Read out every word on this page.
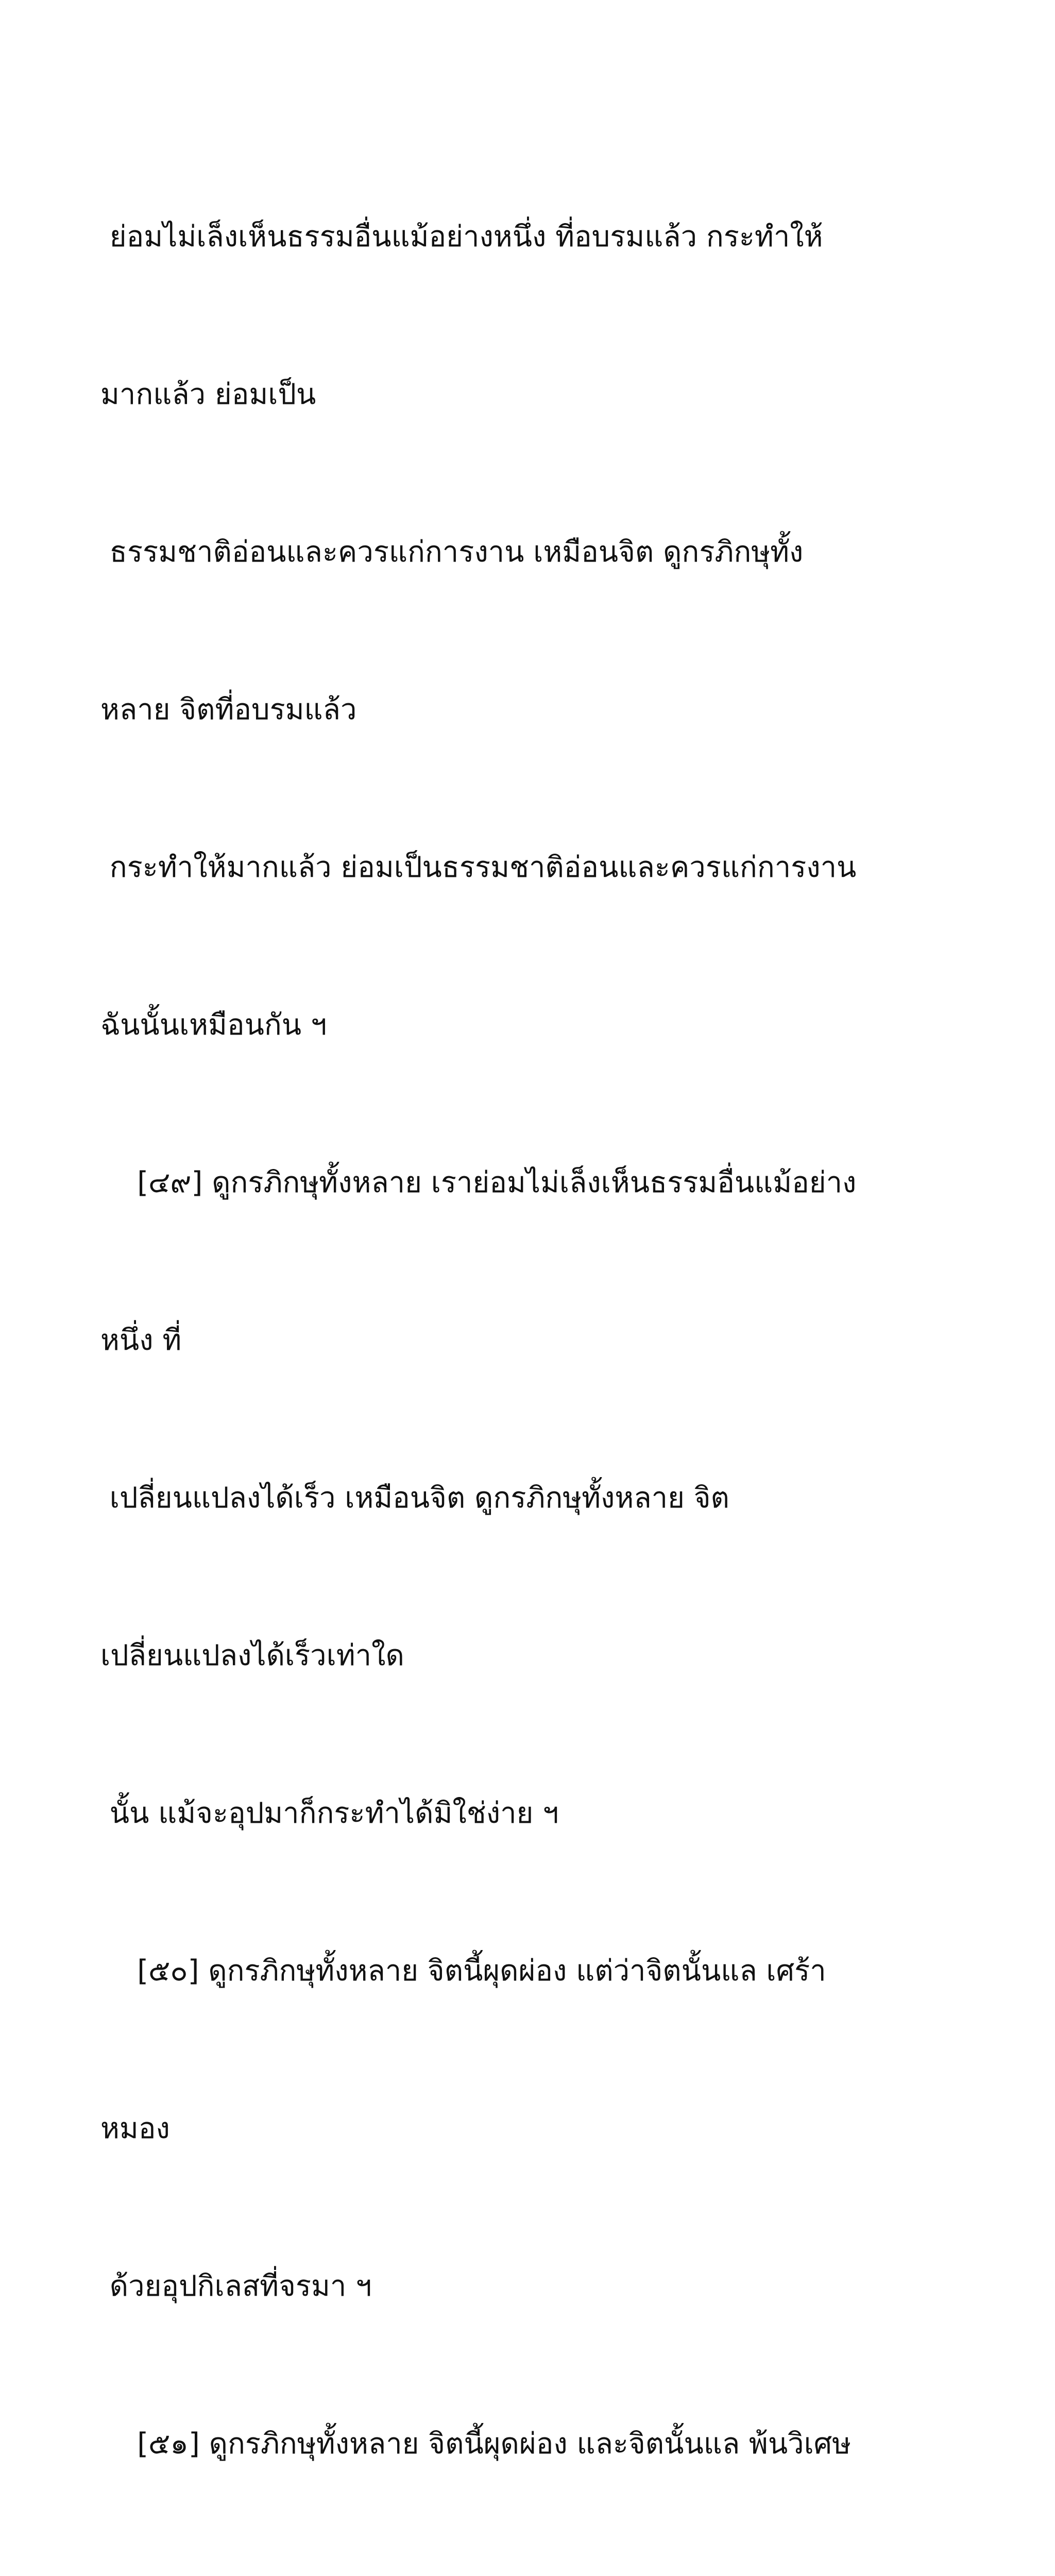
ย่อมไม่เล็งเห็นธรรมอื่นแม้อย่างหนึ่ง ที่อบรมแล้ว กระทำให้

มากแล้ว ย่อมเป็น

ธรรมชาติอ่อนและควรแก่การงาน เหมือนจิต ดูกรภิกษุทั้ง

หลาย จิตที่อบรมแล้ว

กระทำให้มากแล้ว ย่อมเป็นธรรมชาติอ่อนและควรแก่การงาน

ฉันนั้นเหมือนกัน ฯ

[๔๙] ดูกรภิกษุทั้งหลาย เราย่อมไม่เล็งเห็นธรรมอื่นแม้อย่าง

หนึ่ง ที่

เปลี่ยนแปลงได้เร็ว เหมือนจิต ดูกรภิกษุทั้งหลาย จิต

เปลี่ยนแปลงได้เร็วเท่าใด

นั้น แม้จะอุปมาก็กระทำได้มิใช่ง่าย ฯ

[๕๐] ดูกรภิกษุทั้งหลาย จิตนี้ผุดผ่อง แต่ว่าจิตนั้นแล เศร้า

หมอง

ด้วยอุปกิเลสที่จรมา ฯ

[๕๑] ดูกรภิกษุทั้งหลาย จิตนี้ผุดผ่อง และจิตนั้นแล พ้นวิเศษ
